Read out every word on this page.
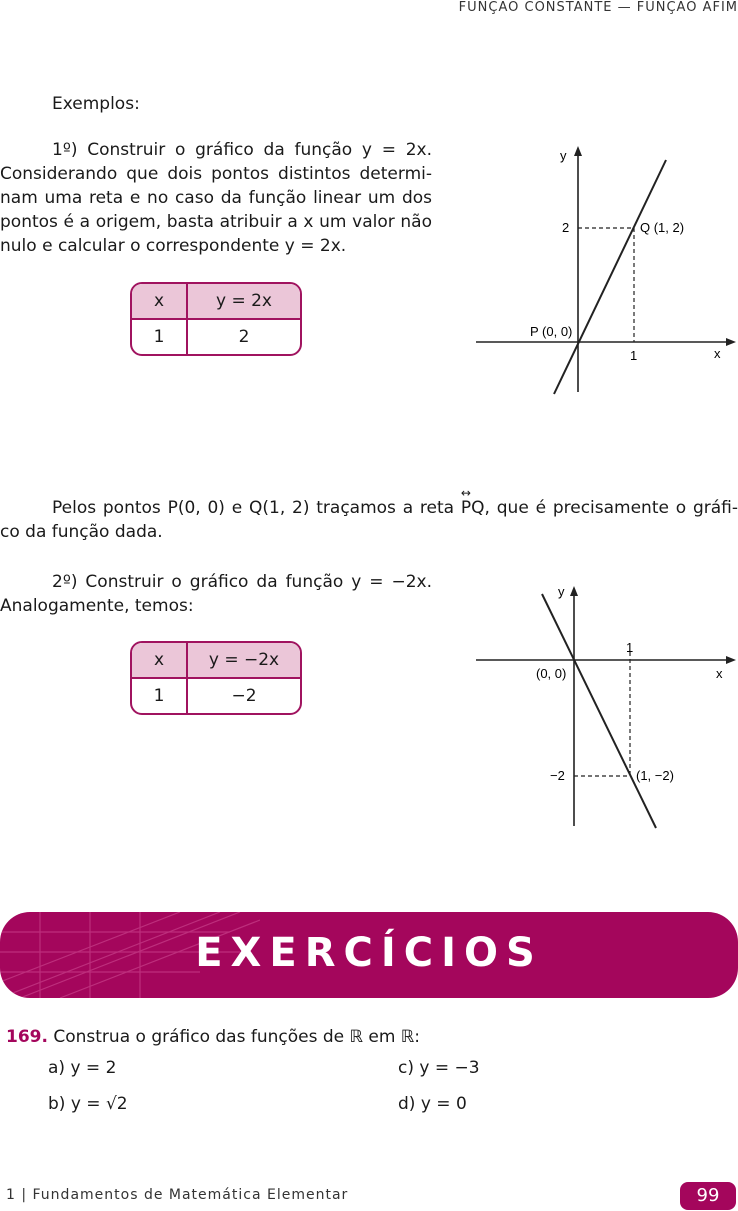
FUNÇÃO CONSTANTE — FUNÇÃO AFIM
Exemplos:
1º) Construir o gráfico da função y = 2x.
Considerando que dois pontos distintos determi-
nam uma reta e no caso da função linear um dos
pontos é a origem, basta atribuir a x um valor não
nulo e calcular o correspondente y = 2x.
x	y = 2x
1	2
y
x
2
1
P (0, 0)
Q (1, 2)
Pelos pontos P(0, 0) e Q(1, 2) traçamos a reta
↔
PQ, que é precisamente o gráfi-
co da função dada.
2º) Construir o gráfico da função y = −2x.
Analogamente, temos:
x	y = −2x
1	−2
y
x
1
−2
(0, 0)
(1, −2)
EXERCÍCIOS
169. Construa o gráfico das funções de ℝ em ℝ:
a) y = 2	c) y = −3
b) y = √2	d) y = 0
1 | Fundamentos de Matemática Elementar	99
